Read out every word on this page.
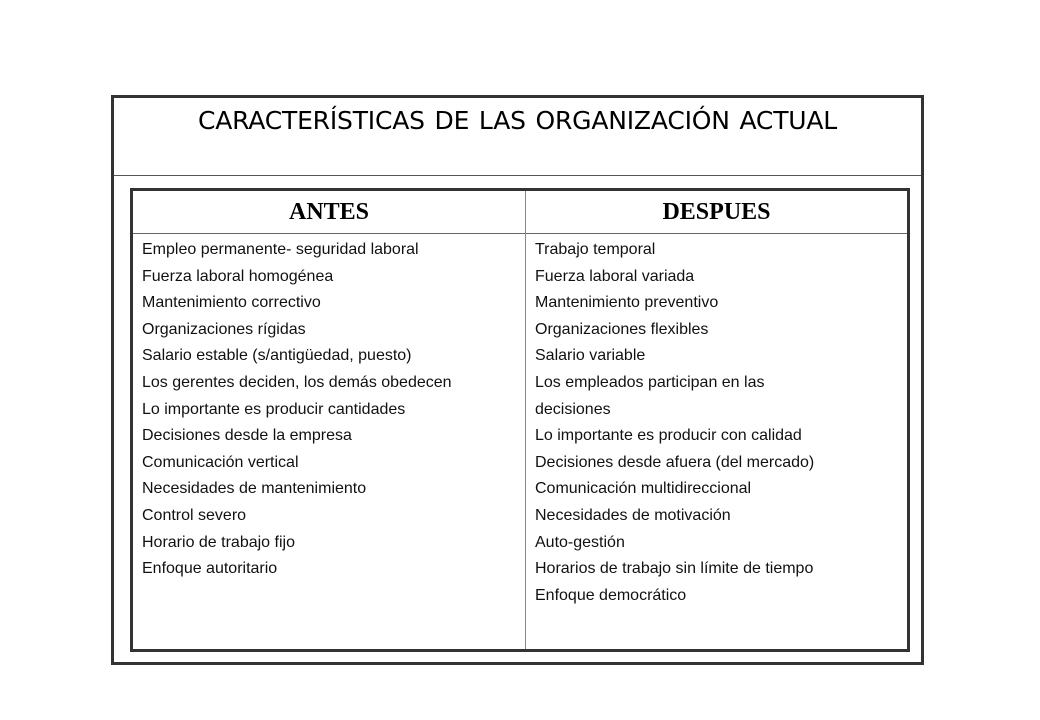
CARACTERÍSTICAS DE LAS ORGANIZACIÓN ACTUAL
ANTES	DESPUES
Empleo permanente- seguridad laboral
Fuerza laboral homogénea
Mantenimiento correctivo
Organizaciones rígidas
Salario estable (s/antigüedad, puesto)
Los gerentes deciden, los demás obedecen
Lo importante es producir cantidades
Decisiones desde la empresa
Comunicación vertical
Necesidades de mantenimiento
Control severo
Horario de trabajo fijo
Enfoque autoritario
Trabajo temporal
Fuerza laboral variada
Mantenimiento preventivo
Organizaciones flexibles
Salario variable
Los empleados participan en las decisiones
Lo importante es producir con calidad
Decisiones desde afuera (del mercado)
Comunicación multidireccional
Necesidades de motivación
Auto-gestión
Horarios de trabajo sin límite de tiempo
Enfoque democrático
